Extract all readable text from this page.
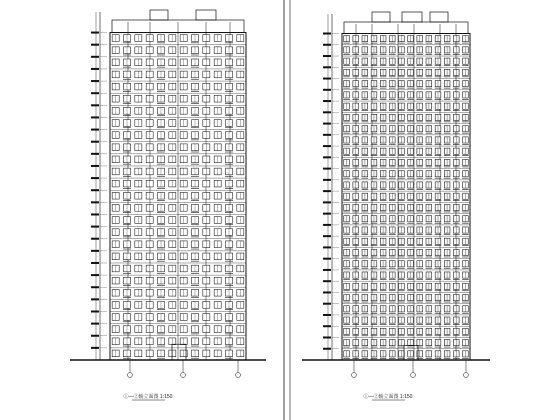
①—②轴立面图 1:150	①—②轴立面图 1:150
